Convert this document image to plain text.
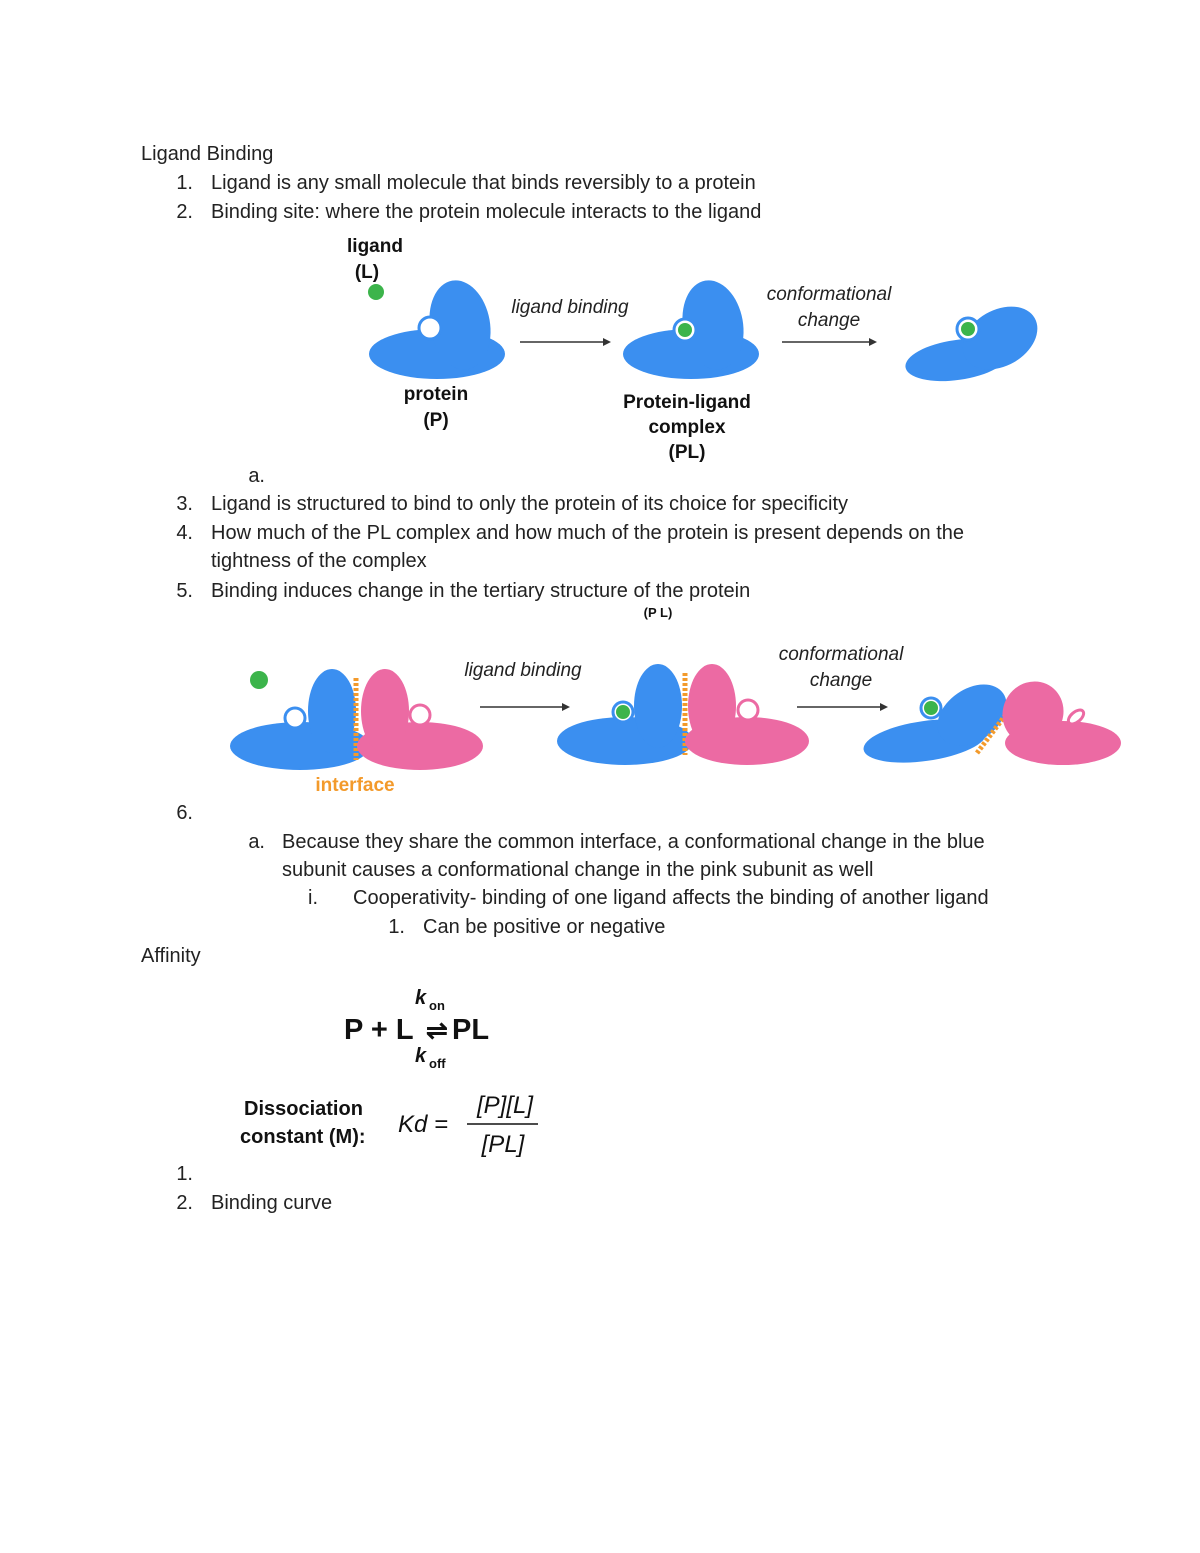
Ligand Binding
1. Ligand is any small molecule that binds reversibly to a protein
2. Binding site: where the protein molecule interacts to the ligand
ligand
(L)
protein
(P)
ligand binding
Protein-ligand
complex
(PL)
conformational
change
a.
3. Ligand is structured to bind to only the protein of its choice for specificity
4. How much of the PL complex and how much of the protein is present depends on the
tightness of the complex
5. Binding induces change in the tertiary structure of the protein
(P L)
interface
ligand binding
conformational
change
6.
a. Because they share the common interface, a conformational change in the blue
subunit causes a conformational change in the pink subunit as well
i. Cooperativity- binding of one ligand affects the binding of another ligand
1. Can be positive or negative
Affinity
k on
P + L ⇌ PL
k off
Dissociation
constant (M): Kd =
[P][L]
[PL]
1.
2. Binding curve
